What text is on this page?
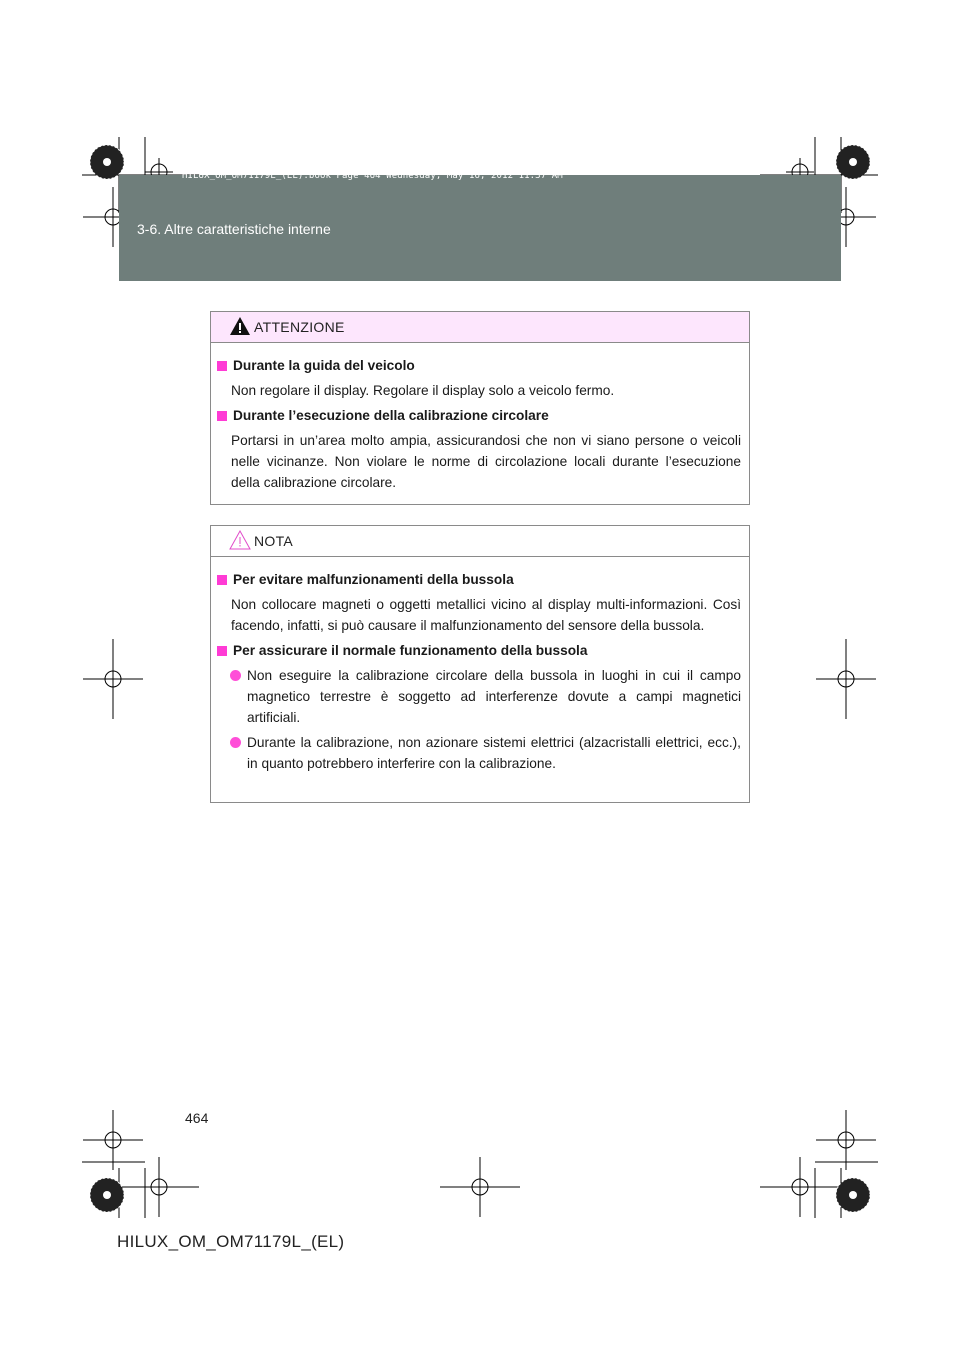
HILUX_OM_OM71179L_(EL).book Page 464 Wednesday, May 16, 2012 11:37 AM
3-6. Altre caratteristiche interne
ATTENZIONE
Durante la guida del veicolo
Non regolare il display. Regolare il display solo a veicolo fermo.
Durante l’esecuzione della calibrazione circolare
Portarsi in un’area molto ampia, assicurandosi che non vi siano persone o veicoli nelle vicinanze. Non violare le norme di circolazione locali durante l’esecuzione della calibrazione circolare.
NOTA
Per evitare malfunzionamenti della bussola
Non collocare magneti o oggetti metallici vicino al display multi-informazioni. Così facendo, infatti, si può causare il malfunzionamento del sensore della bussola.
Per assicurare il normale funzionamento della bussola
Non eseguire la calibrazione circolare della bussola in luoghi in cui il campo magnetico terrestre è soggetto ad interferenze dovute a campi magnetici artificiali.
Durante la calibrazione, non azionare sistemi elettrici (alzacristalli elettrici, ecc.), in quanto potrebbero interferire con la calibrazione.
464
HILUX_OM_OM71179L_(EL)
